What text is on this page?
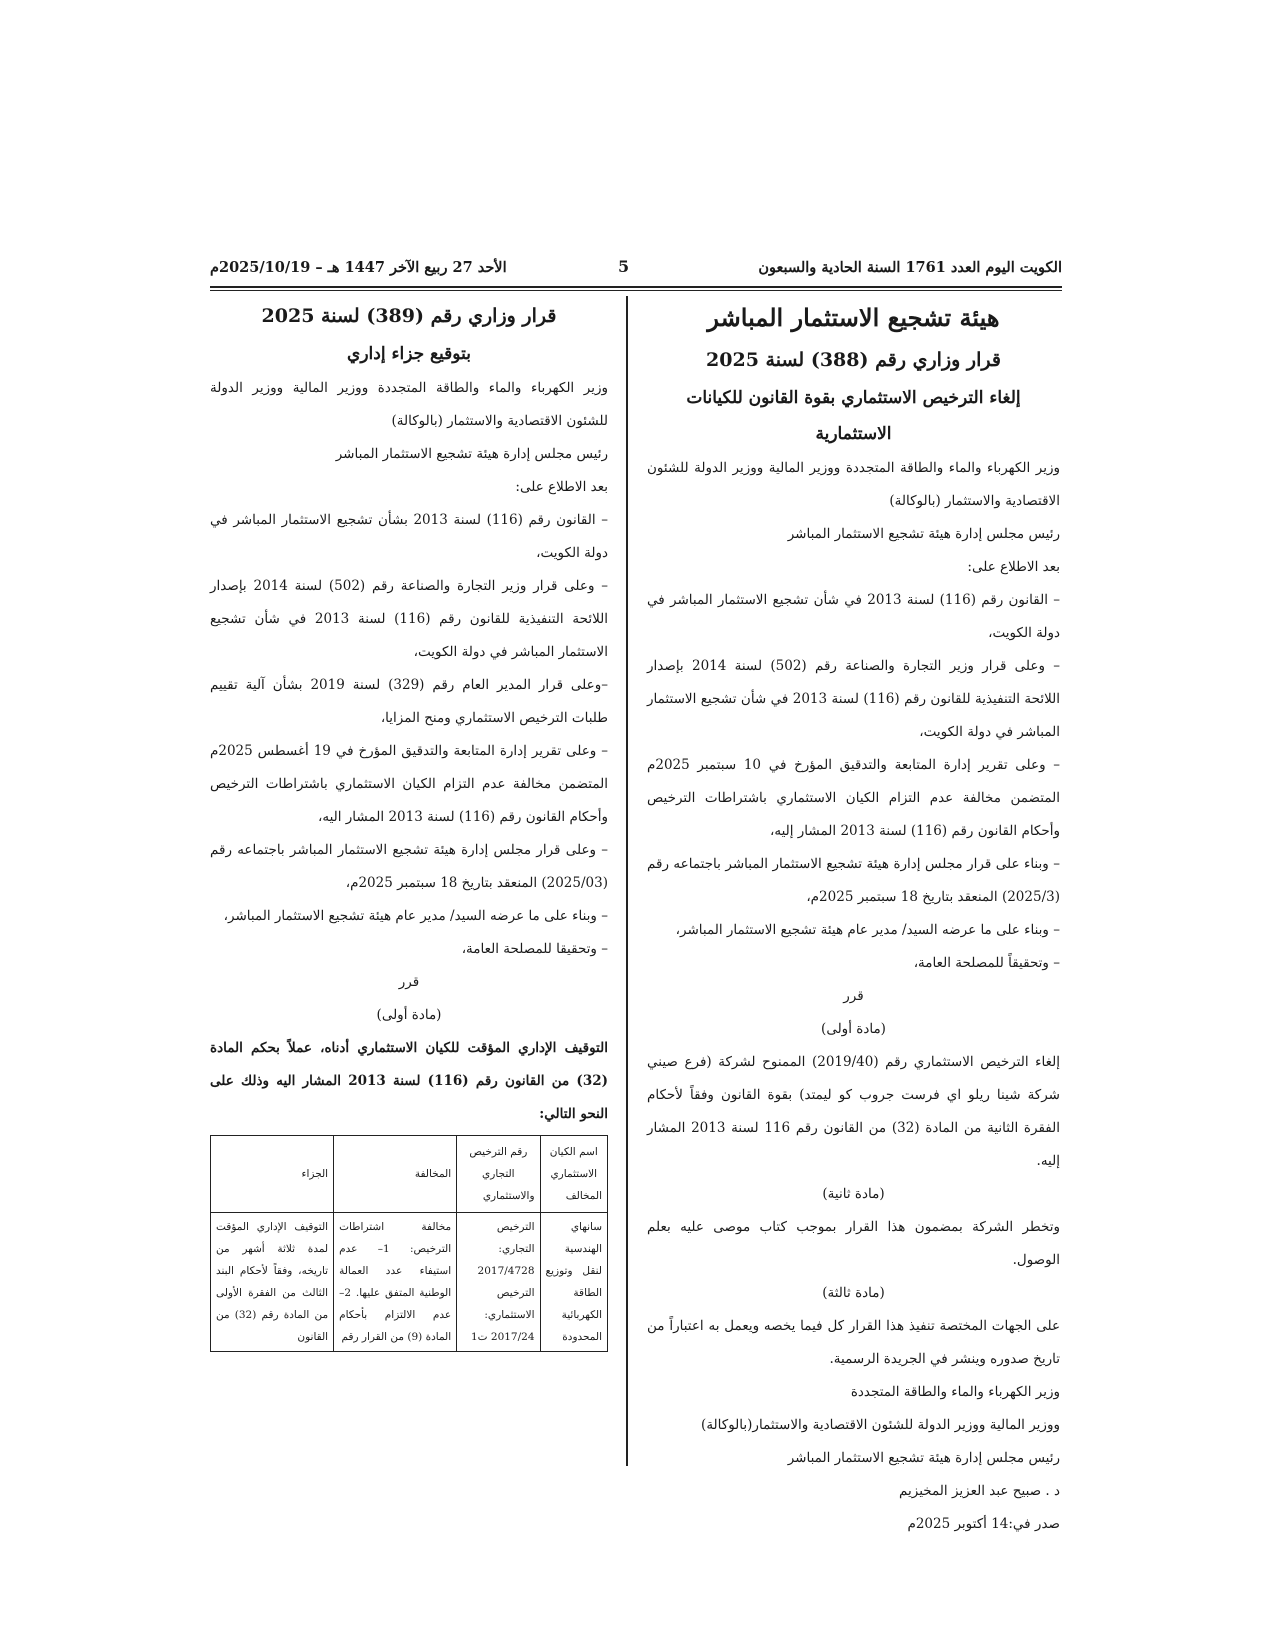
الكويت اليوم العدد 1761 السنة الحادية والسبعون
5
الأحد 27 ربيع الآخر 1447 هـ – 2025/10/19م

هيئة تشجيع الاستثمار المباشر

قرار وزاري رقم (388) لسنة 2025

إلغاء الترخيص الاستثماري بقوة القانون للكيانات

الاستثمارية

وزير الكهرباء والماء والطاقة المتجددة ووزير المالية ووزير الدولة للشئون الاقتصادية والاستثمار (بالوكالة)

رئيس مجلس إدارة هيئة تشجيع الاستثمار المباشر

بعد الاطلاع على:

– القانون رقم (116) لسنة 2013 في شأن تشجيع الاستثمار المباشر في دولة الكويت،

– وعلى قرار وزير التجارة والصناعة رقم (502) لسنة 2014 بإصدار اللائحة التنفيذية للقانون رقم (116) لسنة 2013 في شأن تشجيع الاستثمار المباشر في دولة الكويت،

– وعلى تقرير إدارة المتابعة والتدقيق المؤرخ في 10 سبتمبر 2025م المتضمن مخالفة عدم التزام الكيان الاستثماري باشتراطات الترخيص وأحكام القانون رقم (116) لسنة 2013 المشار إليه،

– وبناء على قرار مجلس إدارة هيئة تشجيع الاستثمار المباشر باجتماعه رقم (2025/3) المنعقد بتاريخ 18 سبتمبر 2025م،

– وبناء على ما عرضه السيد/ مدير عام هيئة تشجيع الاستثمار المباشر،

– وتحقيقاً للمصلحة العامة،

قرر

(مادة أولى)

إلغاء الترخيص الاستثماري رقم (2019/40) الممنوح لشركة (فرع صيني شركة شينا ريلو اي فرست جروب كو ليمتد) بقوة القانون وفقاً لأحكام الفقرة الثانية من المادة (32) من القانون رقم 116 لسنة 2013 المشار إليه.

(مادة ثانية)

وتخطر الشركة بمضمون هذا القرار بموجب كتاب موصى عليه بعلم الوصول.

(مادة ثالثة)

على الجهات المختصة تنفيذ هذا القرار كل فيما يخصه ويعمل به اعتباراً من تاريخ صدوره وينشر في الجريدة الرسمية.

وزير الكهرباء والماء والطاقة المتجددة

ووزير المالية ووزير الدولة للشئون الاقتصادية والاستثمار(بالوكالة)

رئيس مجلس إدارة هيئة تشجيع الاستثمار المباشر

د . صبيح عبد العزيز المخيزيم

صدر في:14 أكتوبر 2025م

قرار وزاري رقم (389) لسنة 2025

بتوقيع جزاء إداري

وزير الكهرباء والماء والطاقة المتجددة ووزير المالية ووزير الدولة للشئون الاقتصادية والاستثمار (بالوكالة)

رئيس مجلس إدارة هيئة تشجيع الاستثمار المباشر

بعد الاطلاع على:

– القانون رقم (116) لسنة 2013 بشأن تشجيع الاستثمار المباشر في دولة الكويت،

– وعلى قرار وزير التجارة والصناعة رقم (502) لسنة 2014 بإصدار اللائحة التنفيذية للقانون رقم (116) لسنة 2013 في شأن تشجيع الاستثمار المباشر في دولة الكويت،

–وعلى قرار المدير العام رقم (329) لسنة 2019 بشأن آلية تقييم طلبات الترخيص الاستثماري ومنح المزايا،

– وعلى تقرير إدارة المتابعة والتدقيق المؤرخ في 19 أغسطس 2025م المتضمن مخالفة عدم التزام الكيان الاستثماري باشتراطات الترخيص وأحكام القانون رقم (116) لسنة 2013 المشار اليه،

– وعلى قرار مجلس إدارة هيئة تشجيع الاستثمار المباشر باجتماعه رقم (2025/03) المنعقد بتاريخ 18 سبتمبر 2025م،

– وبناء على ما عرضه السيد/ مدير عام هيئة تشجيع الاستثمار المباشر،

– وتحقيقا للمصلحة العامة،

قرر

(مادة أولى)

التوقيف الإداري المؤقت للكيان الاستثماري أدناه، عملاً بحكم المادة (32) من القانون رقم (116) لسنة 2013 المشار اليه وذلك على النحو التالي:

اسم الكيان الاستثماري المخالف	رقم الترخيص التجاري والاستثماري	المخالفة	الجزاء
سانهاي الهندسية لنقل وتوزيع الطاقة الكهربائية المحدودة	الترخيص التجاري: 2017/4728 الترخيص الاستثماري: 2017/24 ت1	مخالفة اشتراطات الترخيص: 1– عدم استيفاء عدد العمالة الوطنية المتفق عليها. 2– عدم الالتزام بأحكام المادة (9) من القرار رقم	التوقيف الإداري المؤقت لمدة ثلاثة أشهر من تاريخه، وفقاً لأحكام البند الثالث من الفقرة الأولى من المادة رقم (32) من القانون
